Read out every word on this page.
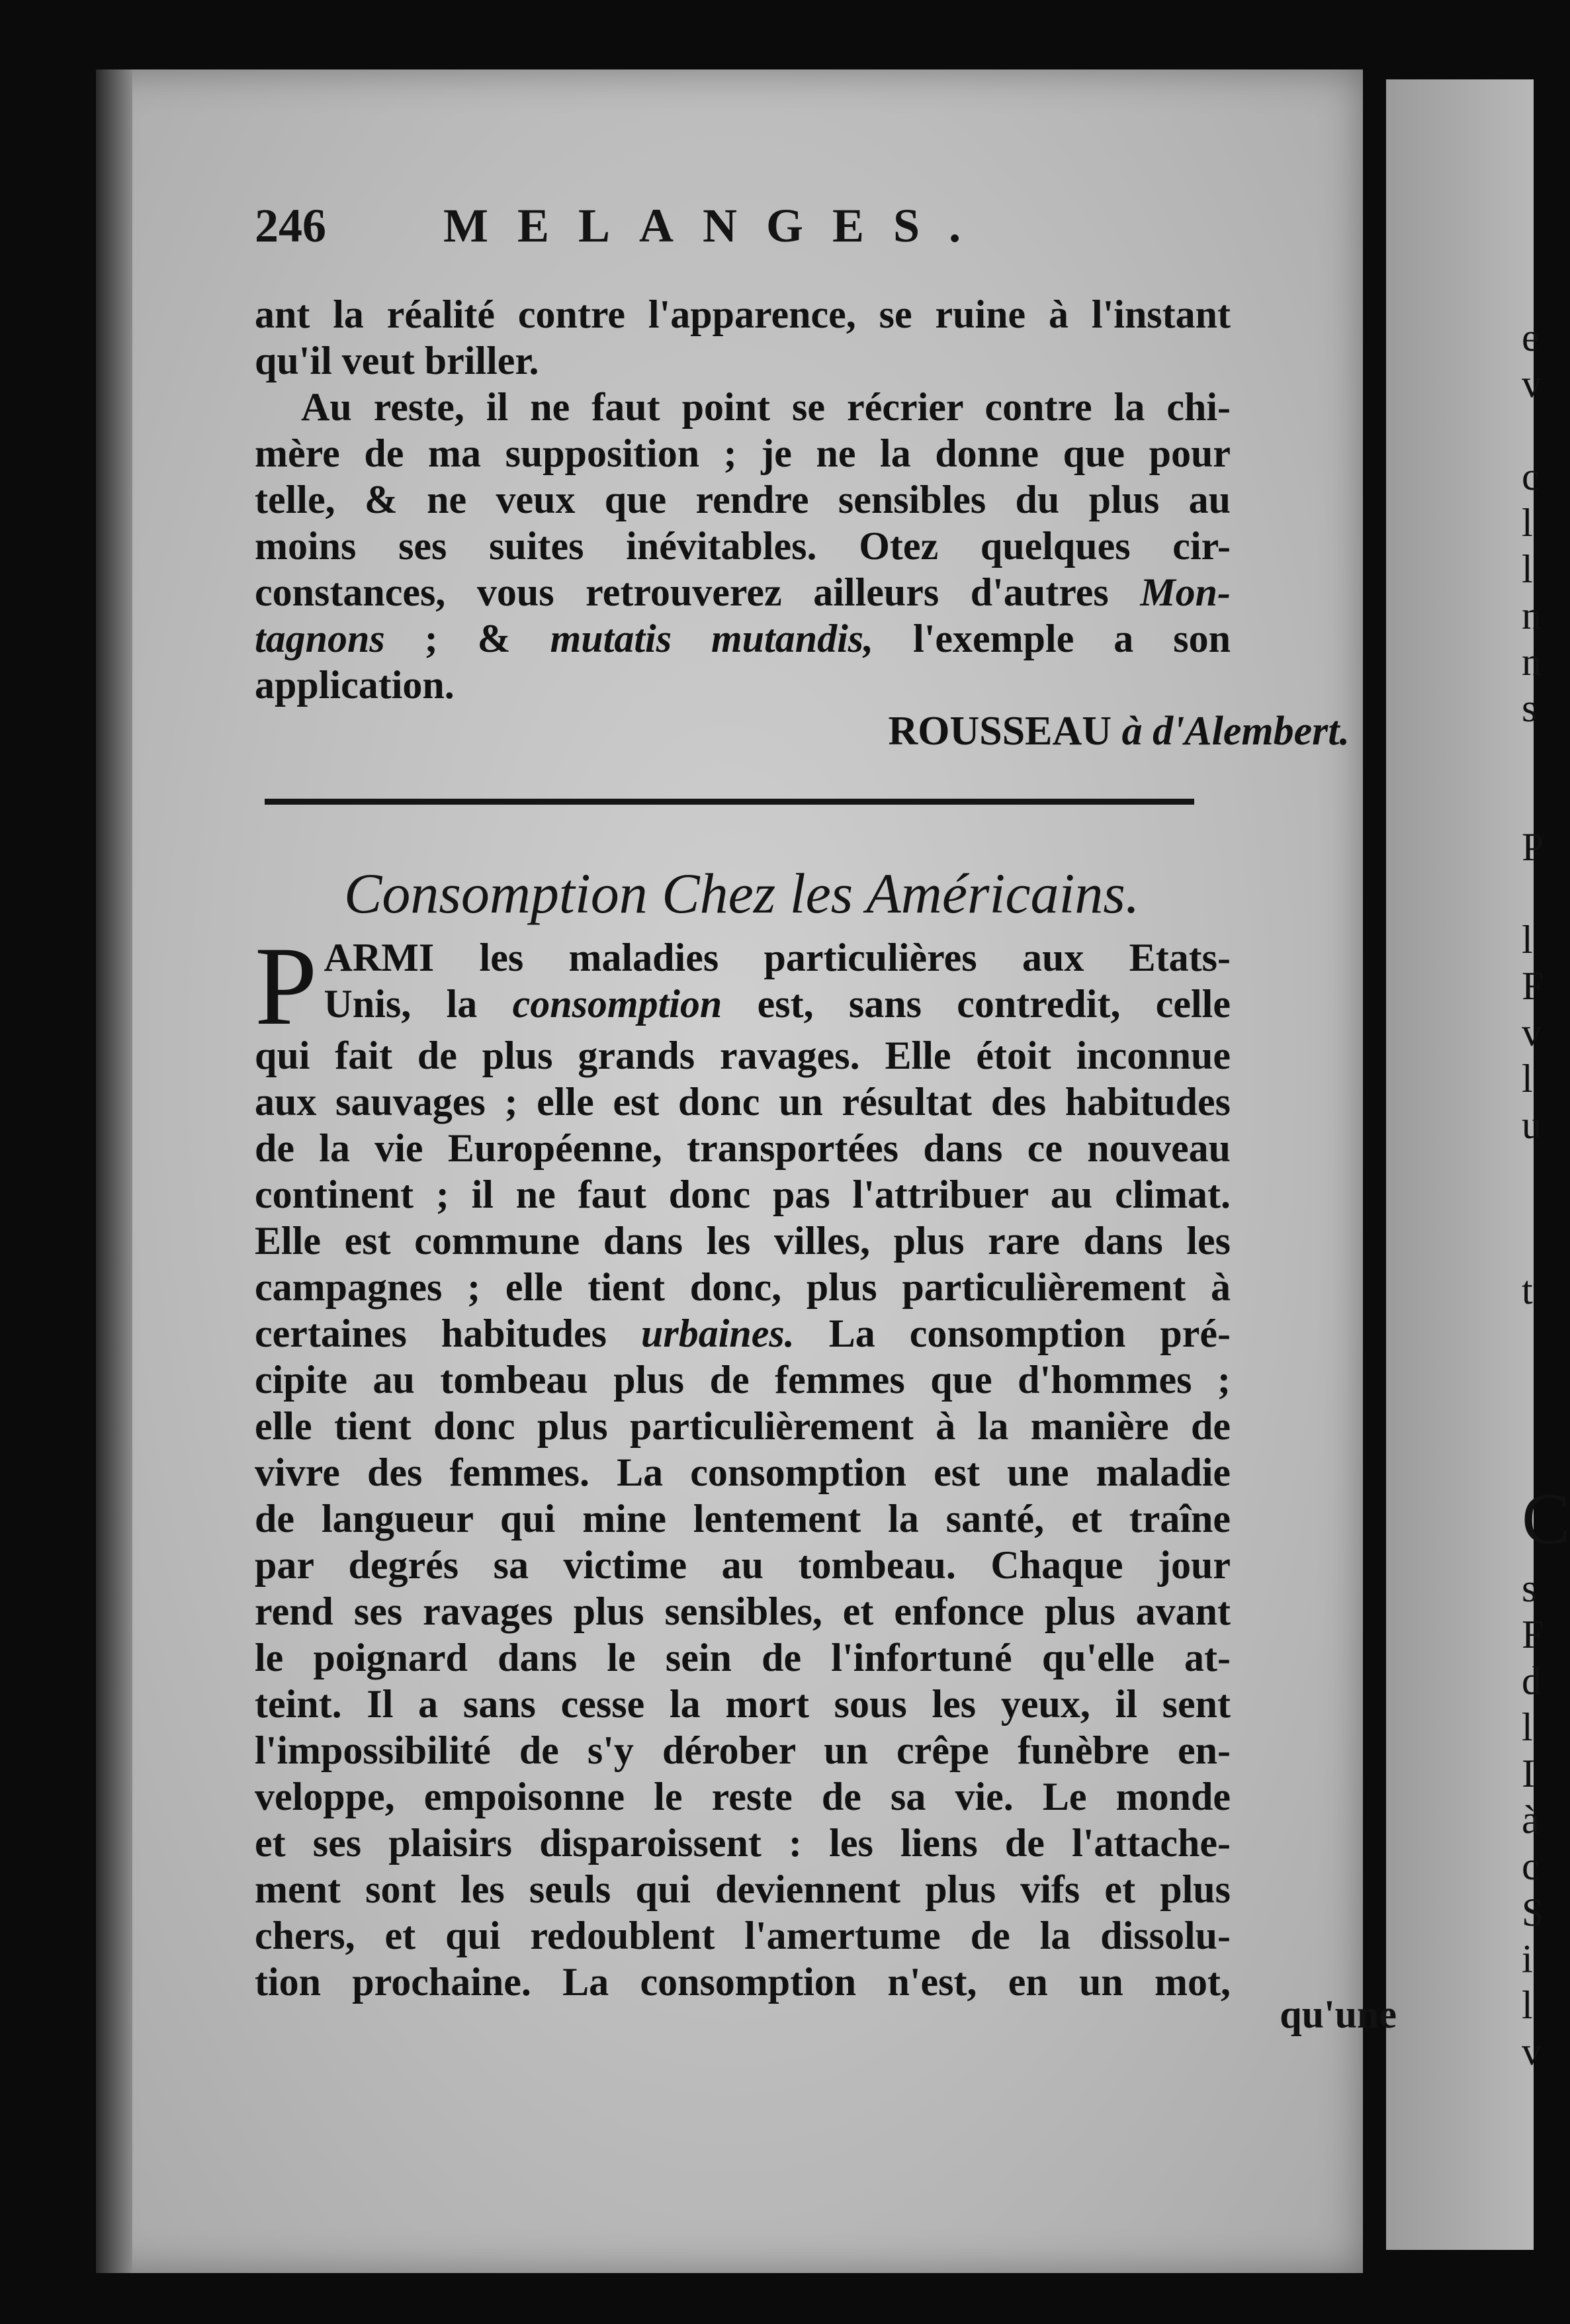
e
v
c
l
l
n
n
s
P
l
F
v
l
u
t
C
s
F
d
l
I
à
c
S
i
l
v
246 MELANGES.
ant la réalité contre l'apparence, se ruine à l'instant
qu'il veut briller.
Au reste, il ne faut point se récrier contre la chi-
mère de ma supposition ; je ne la donne que pour
telle, & ne veux que rendre sensibles du plus au
moins ses suites inévitables. Otez quelques cir-
constances, vous retrouverez ailleurs d'autres Mon-
tagnons ; & mutatis mutandis, l'exemple a son
application.
ROUSSEAU à d'Alembert.
Consomption Chez les Américains.
P ARMI les maladies particulières aux Etats-
Unis, la consomption est, sans contredit, celle
qui fait de plus grands ravages. Elle étoit inconnue
aux sauvages ; elle est donc un résultat des habitudes
de la vie Européenne, transportées dans ce nouveau
continent ; il ne faut donc pas l'attribuer au climat.
Elle est commune dans les villes, plus rare dans les
campagnes ; elle tient donc, plus particulièrement à
certaines habitudes urbaines. La consomption pré-
cipite au tombeau plus de femmes que d'hommes ;
elle tient donc plus particulièrement à la manière de
vivre des femmes. La consomption est une maladie
de langueur qui mine lentement la santé, et traîne
par degrés sa victime au tombeau. Chaque jour
rend ses ravages plus sensibles, et enfonce plus avant
le poignard dans le sein de l'infortuné qu'elle at-
teint. Il a sans cesse la mort sous les yeux, il sent
l'impossibilité de s'y dérober un crêpe funèbre en-
veloppe, empoisonne le reste de sa vie. Le monde
et ses plaisirs disparoissent : les liens de l'attache-
ment sont les seuls qui deviennent plus vifs et plus
chers, et qui redoublent l'amertume de la dissolu-
tion prochaine. La consomption n'est, en un mot,
qu'une
